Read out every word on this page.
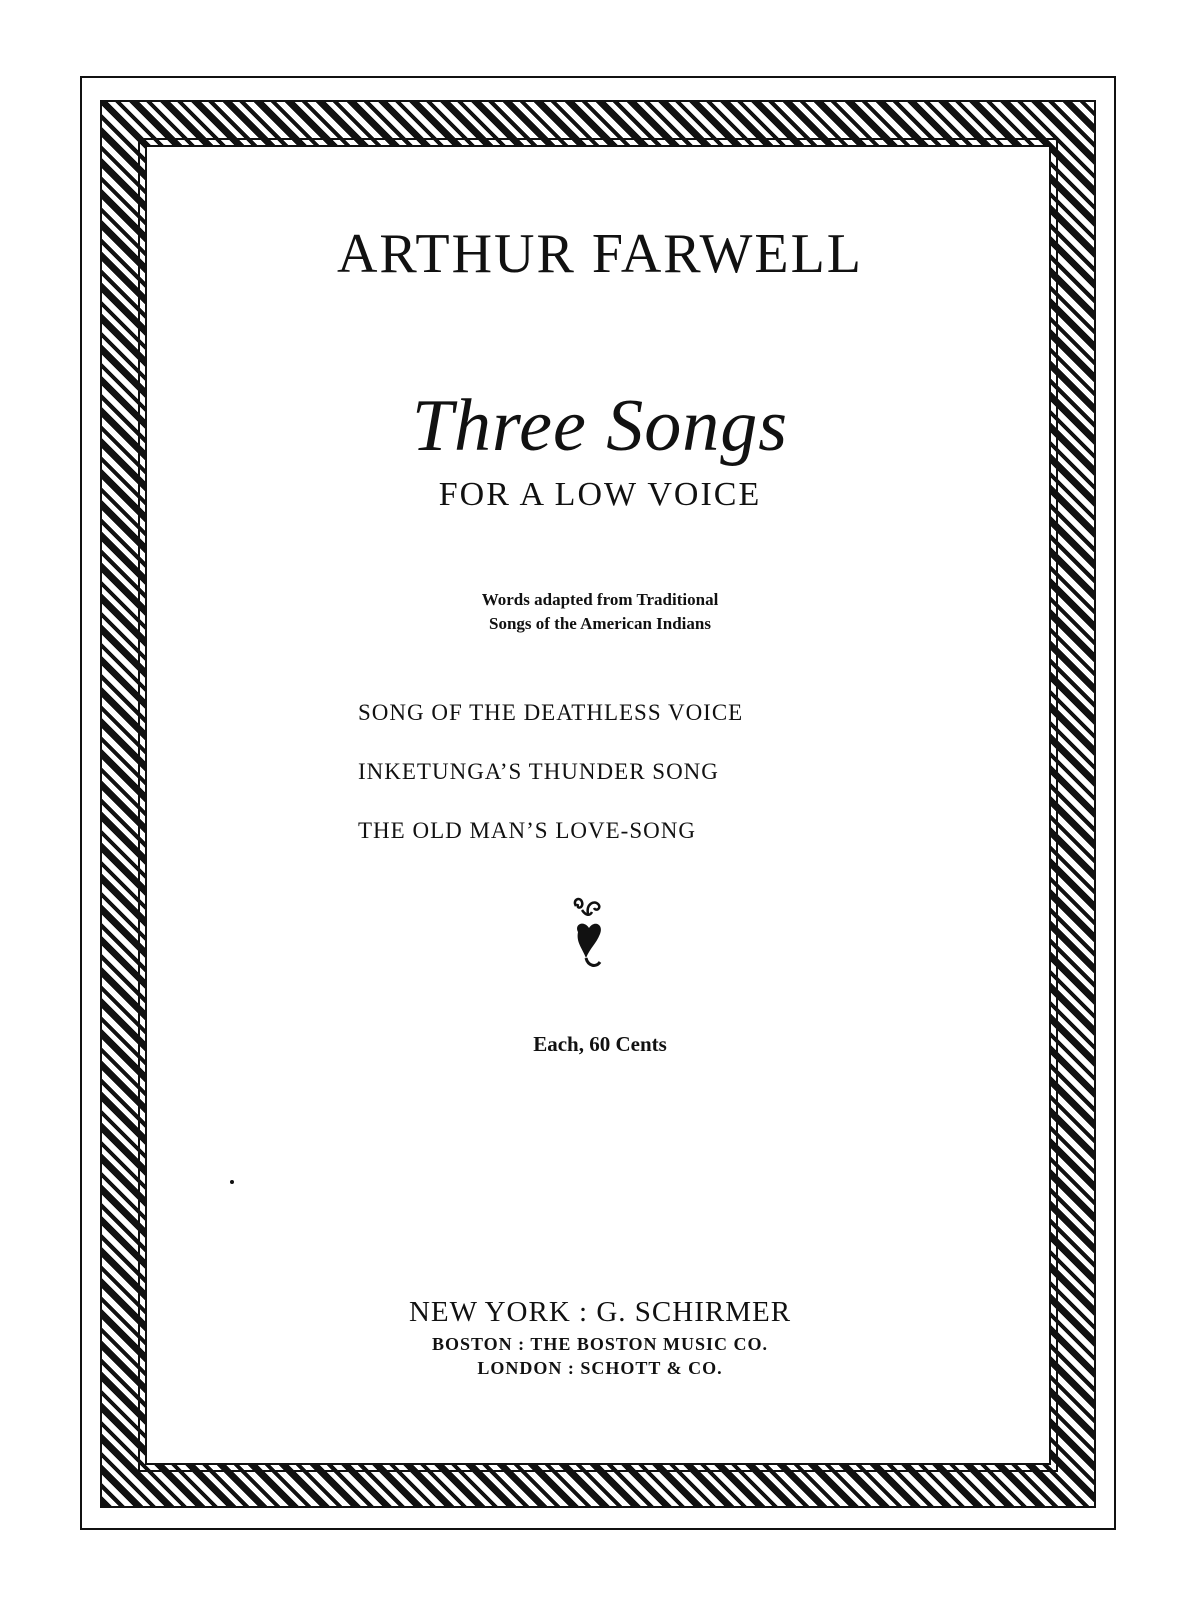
ARTHUR FARWELL
Three Songs
FOR A LOW VOICE
Words adapted from Traditional
Songs of the American Indians
SONG OF THE DEATHLESS VOICE
INKETUNGA’S THUNDER SONG
THE OLD MAN’S LOVE-SONG
Each, 60 Cents
NEW YORK : G. SCHIRMER
BOSTON : THE BOSTON MUSIC CO.
LONDON : SCHOTT & CO.
